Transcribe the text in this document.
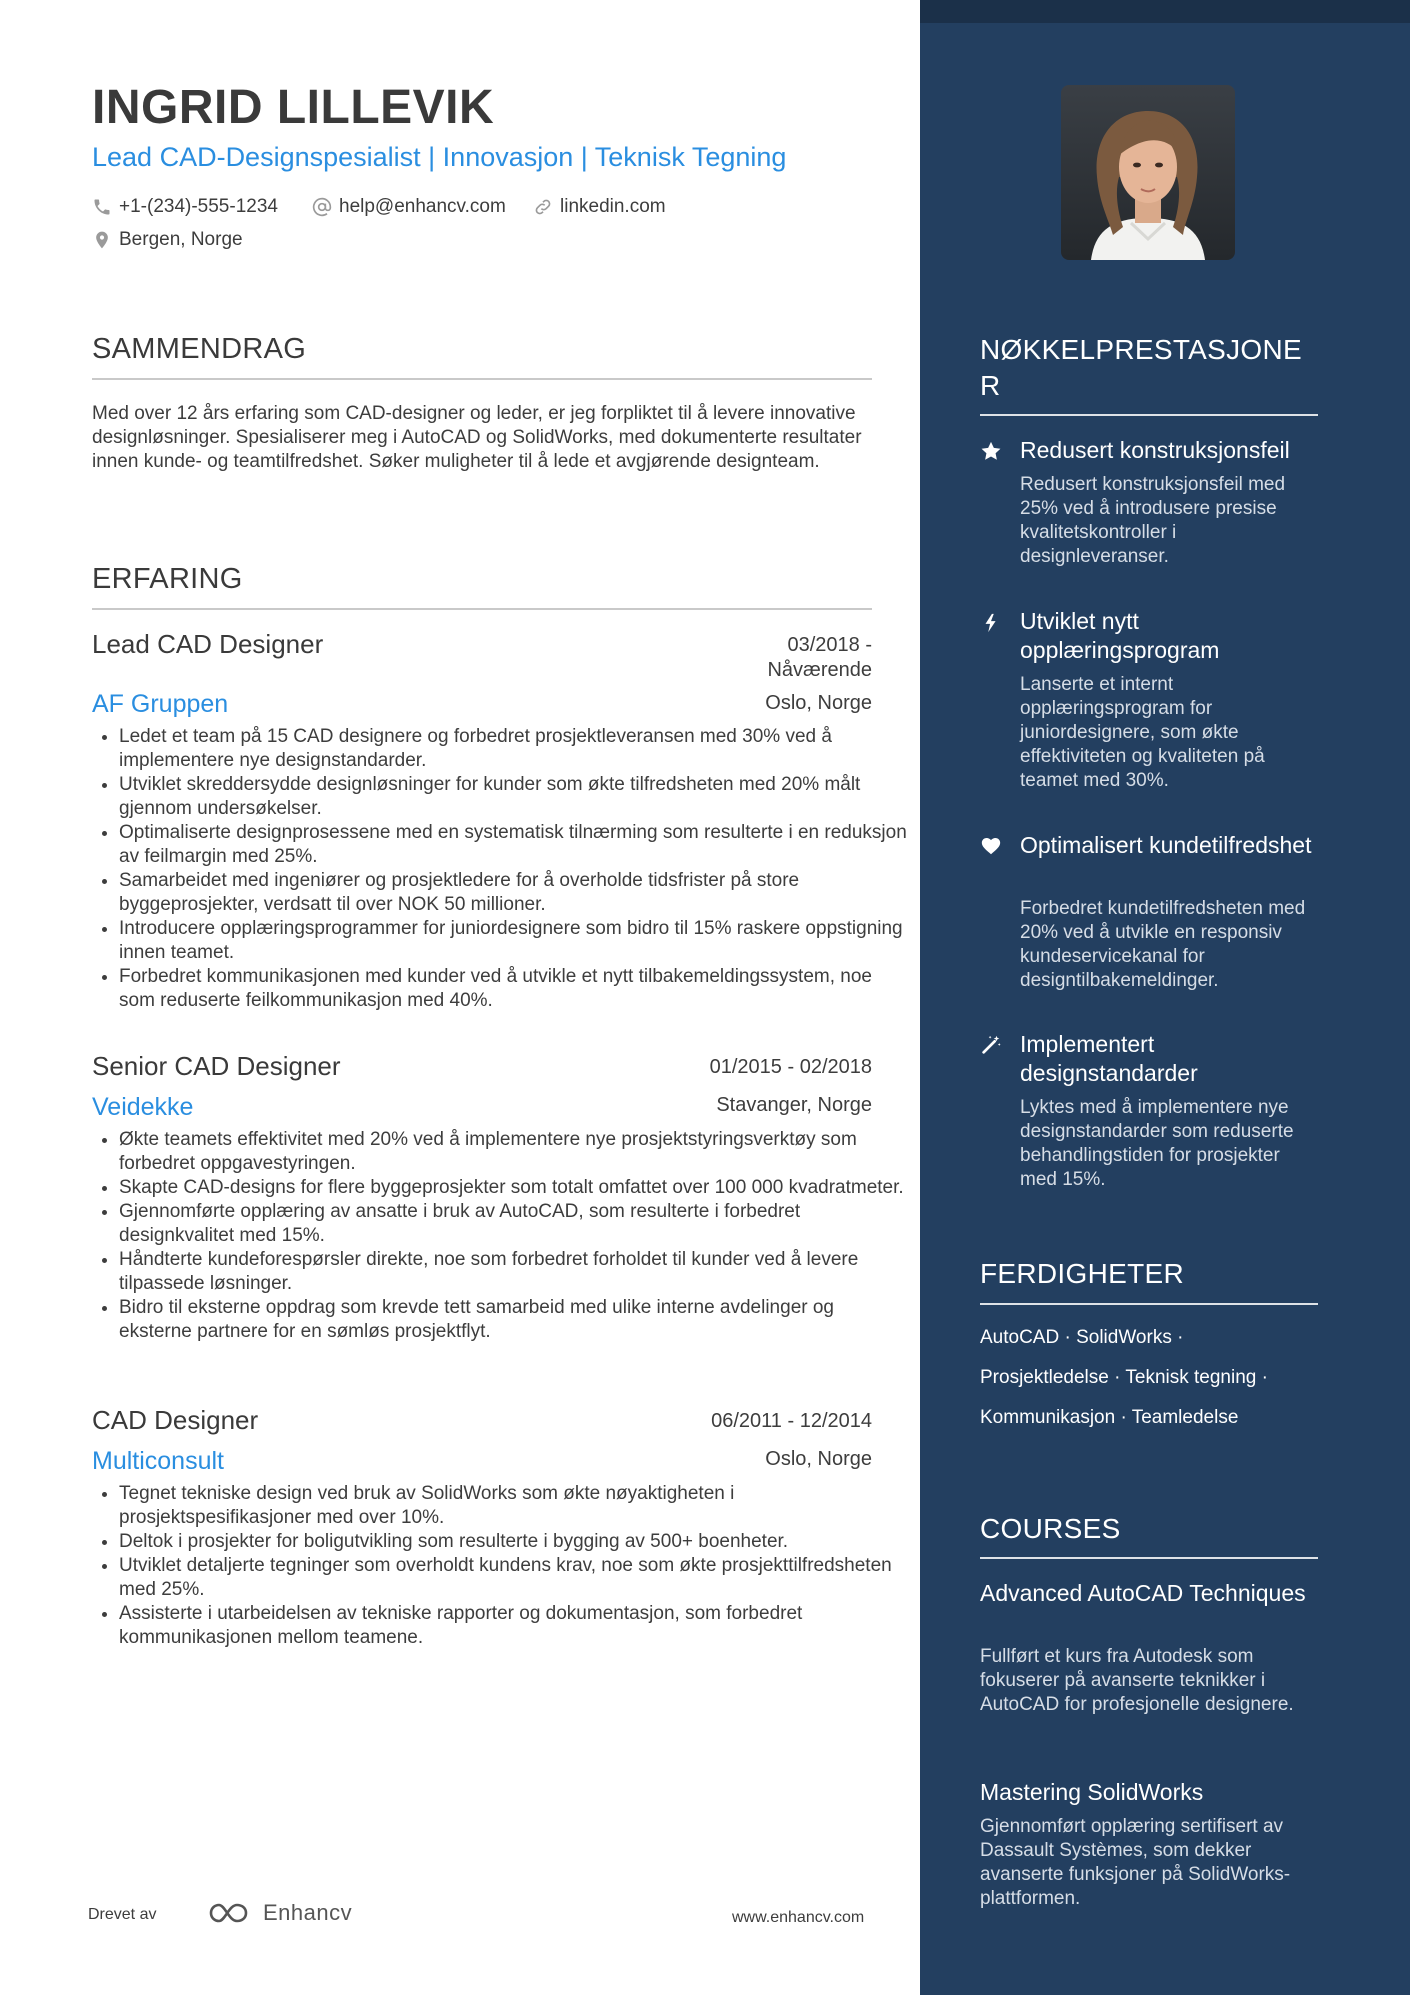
INGRID LILLEVIK
Lead CAD-Designspesialist | Innovasjon | Teknisk Tegning
+1-(234)-555-1234	help@enhancv.com	linkedin.com
Bergen, Norge
SAMMENDRAG
Med over 12 års erfaring som CAD-designer og leder, er jeg forpliktet til å levere innovative designløsninger. Spesialiserer meg i AutoCAD og SolidWorks, med dokumenterte resultater innen kunde- og teamtilfredshet. Søker muligheter til å lede et avgjørende designteam.
ERFARING
Lead CAD Designer	03/2018 -
Nåværende
AF Gruppen	Oslo, Norge
• Ledet et team på 15 CAD designere og forbedret prosjektleveransen med 30% ved å implementere nye designstandarder.
• Utviklet skreddersydde designløsninger for kunder som økte tilfredsheten med 20% målt gjennom undersøkelser.
• Optimaliserte designprosessene med en systematisk tilnærming som resulterte i en reduksjon av feilmargin med 25%.
• Samarbeidet med ingeniører og prosjektledere for å overholde tidsfrister på store byggeprosjekter, verdsatt til over NOK 50 millioner.
• Introducere opplæringsprogrammer for juniordesignere som bidro til 15% raskere oppstigning innen teamet.
• Forbedret kommunikasjonen med kunder ved å utvikle et nytt tilbakemeldingssystem, noe som reduserte feilkommunikasjon med 40%.
Senior CAD Designer	01/2015 - 02/2018
Veidekke	Stavanger, Norge
• Økte teamets effektivitet med 20% ved å implementere nye prosjektstyringsverktøy som forbedret oppgavestyringen.
• Skapte CAD-designs for flere byggeprosjekter som totalt omfattet over 100 000 kvadratmeter.
• Gjennomførte opplæring av ansatte i bruk av AutoCAD, som resulterte i forbedret designkvalitet med 15%.
• Håndterte kundeforespørsler direkte, noe som forbedret forholdet til kunder ved å levere tilpassede løsninger.
• Bidro til eksterne oppdrag som krevde tett samarbeid med ulike interne avdelinger og eksterne partnere for en sømløs prosjektflyt.
CAD Designer	06/2011 - 12/2014
Multiconsult	Oslo, Norge
• Tegnet tekniske design ved bruk av SolidWorks som økte nøyaktigheten i prosjektspesifikasjoner med over 10%.
• Deltok i prosjekter for boligutvikling som resulterte i bygging av 500+ boenheter.
• Utviklet detaljerte tegninger som overholdt kundens krav, noe som økte prosjekttilfredsheten med 25%.
• Assisterte i utarbeidelsen av tekniske rapporter og dokumentasjon, som forbedret kommunikasjonen mellom teamene.
Drevet av	Enhancv	www.enhancv.com
NØKKELPRESTASJONE
R
Redusert konstruksjonsfeil
Redusert konstruksjonsfeil med 25% ved å introdusere presise kvalitetskontroller i designleveranser.
Utviklet nytt opplæringsprogram
Lanserte et internt opplæringsprogram for juniordesignere, som økte effektiviteten og kvaliteten på teamet med 30%.
Optimalisert kundetilfredshet
Forbedret kundetilfredsheten med 20% ved å utvikle en responsiv kundeservicekanal for designtilbakemeldinger.
Implementert designstandarder
Lyktes med å implementere nye designstandarder som reduserte behandlingstiden for prosjekter med 15%.
FERDIGHETER
AutoCAD · SolidWorks ·
Prosjektledelse · Teknisk tegning ·
Kommunikasjon · Teamledelse
COURSES
Advanced AutoCAD Techniques
Fullført et kurs fra Autodesk som fokuserer på avanserte teknikker i AutoCAD for profesjonelle designere.
Mastering SolidWorks
Gjennomført opplæring sertifisert av Dassault Systèmes, som dekker avanserte funksjoner på SolidWorks-plattformen.
